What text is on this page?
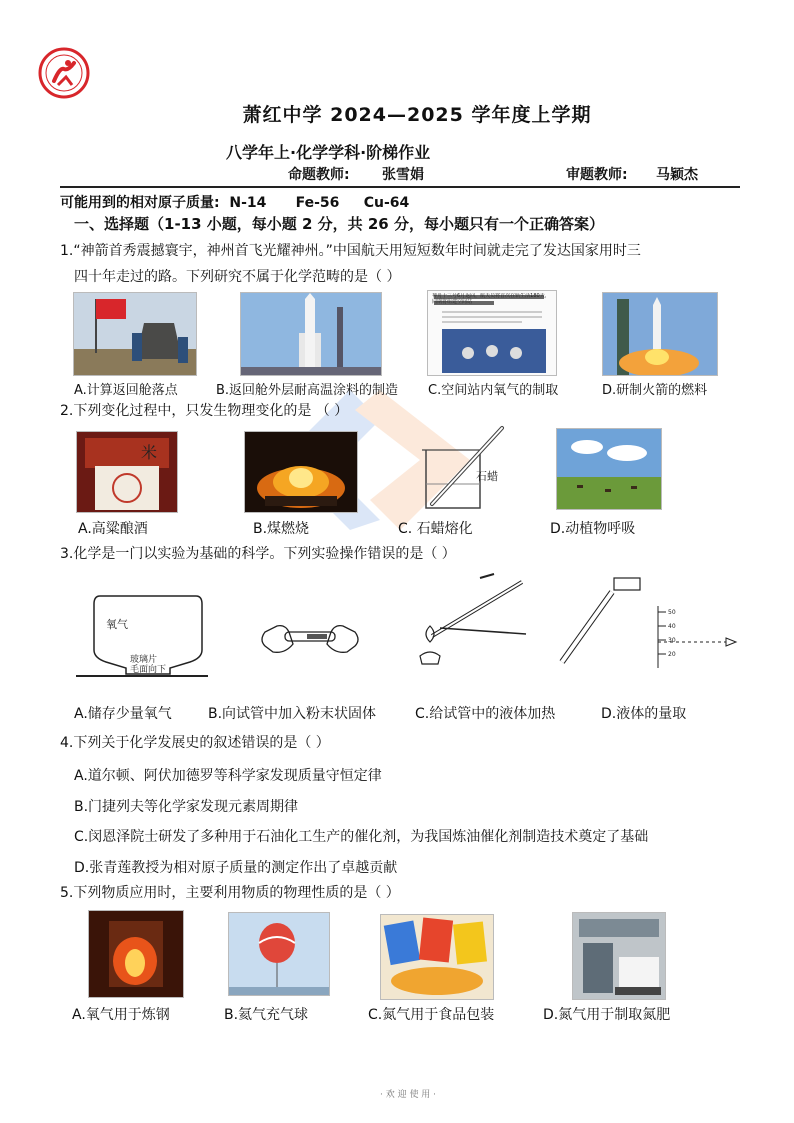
萧红中学 2024—2025 学年度上学期
八学年上·化学学科·阶梯作业
命题教师: 张雪娟	审题教师: 马颖杰
可能用到的相对原子质量:  N-14      Fe-56     Cu-64
一、选择题（1-13 小题，每小题 2 分，共 26 分，每小题只有一个正确答案）
1.“神箭首秀震撼寰宇，神州首飞光耀神州。”中国航天用短短数年时间就走完了发达国家用时三
四十年走过的路。下列研究不属于化学范畴的是（ ）
A.计算返回舱落点	B.返回舱外层耐高温涂料的制造 C.空间站内氧气的制取	D.研制火箭的燃料
2.下列变化过程中，只发生物理变化的是 （ ）
米
石蜡
A.高粱酿酒	B.煤燃烧	C. 石蜡熔化	D.动植物呼吸
3.化学是一门以实验为基础的科学。下列实验操作错误的是（ ）
氧气
玻璃片
毛面向下
50
40
30
20
A.储存少量氧气	B.向试管中加入粉末状固体	C.给试管中的液体加热	D.液体的量取
4.下列关于化学发展史的叙述错误的是（ ）
A.道尔顿、阿伏加德罗等科学家发现质量守恒定律
B.门捷列夫等化学家发现元素周期律
C.闵恩泽院士研发了多种用于石油化工生产的催化剂，为我国炼油催化剂制造技术奠定了基础
D.张青莲教授为相对原子质量的测定作出了卓越贡献
5.下列物质应用时，主要利用物质的物理性质的是（ ）
A.氧气用于炼钢	B.氦气充气球	C.氮气用于食品包装	D.氮气用于制取氮肥
· 欢 迎 使 用 ·
神舟十三号6月返回，航天员将首次在轨生活180天，同期将组建空间站
